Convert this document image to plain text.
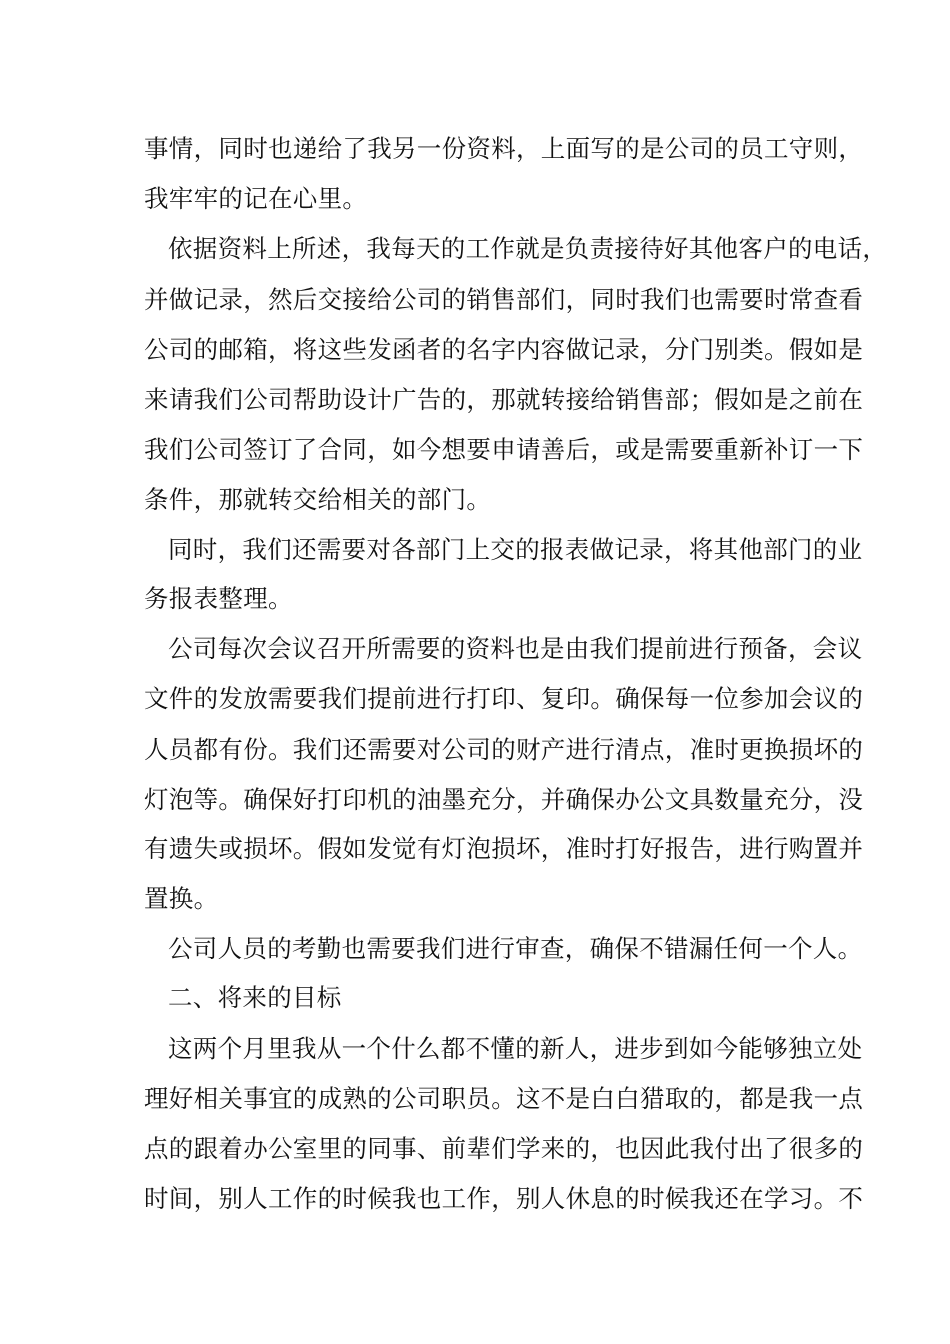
事情，同时也递给了我另一份资料，上面写的是公司的员工守则，

我牢牢的记在心里。

依据资料上所述，我每天的工作就是负责接待好其他客户的电话，

并做记录，然后交接给公司的销售部们，同时我们也需要时常查看

公司的邮箱，将这些发函者的名字内容做记录，分门别类。假如是

来请我们公司帮助设计广告的，那就转接给销售部；假如是之前在

我们公司签订了合同，如今想要申请善后，或是需要重新补订一下

条件，那就转交给相关的部门。

同时，我们还需要对各部门上交的报表做记录，将其他部门的业

务报表整理。

公司每次会议召开所需要的资料也是由我们提前进行预备，会议

文件的发放需要我们提前进行打印、复印。确保每一位参加会议的

人员都有份。我们还需要对公司的财产进行清点，准时更换损坏的

灯泡等。确保好打印机的油墨充分，并确保办公文具数量充分，没

有遗失或损坏。假如发觉有灯泡损坏，准时打好报告，进行购置并

置换。

公司人员的考勤也需要我们进行审查，确保不错漏任何一个人。

二、将来的目标

这两个月里我从一个什么都不懂的新人，进步到如今能够独立处

理好相关事宜的成熟的公司职员。这不是白白猎取的，都是我一点

点的跟着办公室里的同事、前辈们学来的，也因此我付出了很多的

时间，别人工作的时候我也工作，别人休息的时候我还在学习。不
